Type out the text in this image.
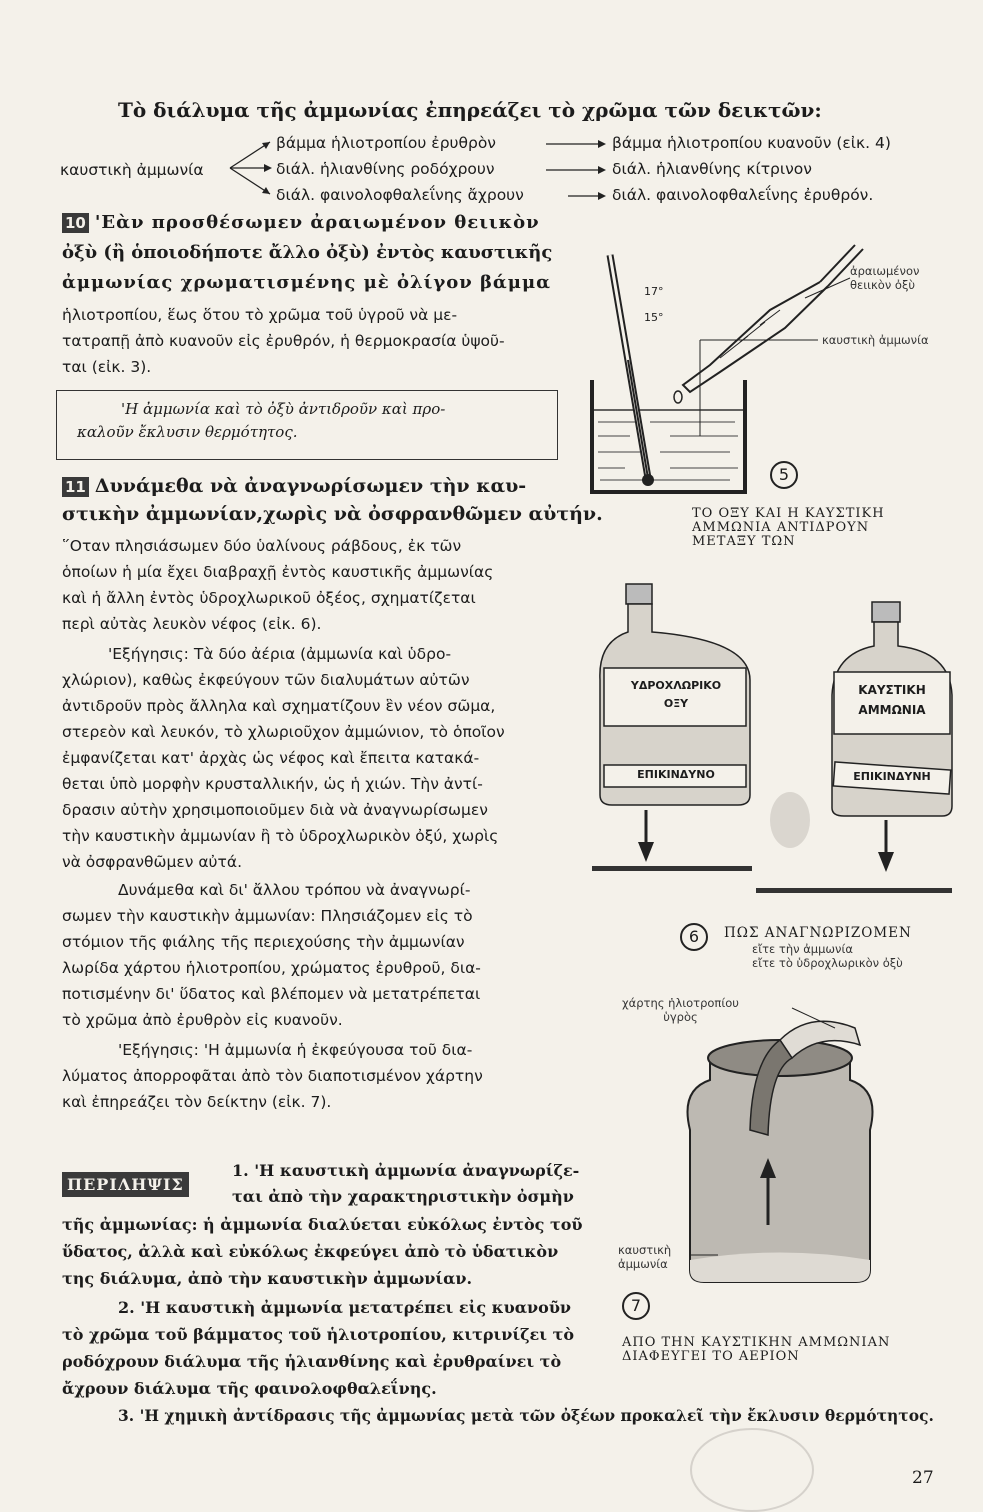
Τὸ διάλυμα τῆς ἀμμωνίας ἐπηρεάζει τὸ χρῶμα τῶν δεικτῶν:
καυστικὴ ἀμμωνία
βάμμα ἡλιοτροπίου ἐρυθρὸν
διάλ. ἡλιανθίνης ροδόχρουν
διάλ. φαινολοφθαλεΐνης ἄχρουν
βάμμα ἡλιοτροπίου κυανοῦν (εἰκ. 4)
διάλ. ἡλιανθίνης κίτρινον
διάλ. φαινολοφθαλεΐνης ἐρυθρόν.
10 'Εὰν προσθέσωμεν ἀραιωμένον θειικὸν
ὀξὺ (ἢ ὁποιοδήποτε ἄλλο ὀξὺ) ἐντὸς καυστικῆς
ἀμμωνίας χρωματισμένης μὲ ὀλίγον βάμμα
ἡλιοτροπίου, ἕως ὅτου τὸ χρῶμα τοῦ ὑγροῦ νὰ με-
τατραπῇ ἀπὸ κυανοῦν εἰς ἐρυθρόν, ἡ θερμοκρασία ὑψοῦ-
ται (εἰκ. 3).
'Η ἀμμωνία καὶ τὸ ὀξὺ ἀντιδροῦν καὶ προ-
καλοῦν ἔκλυσιν θερμότητος.
11 Δυνάμεθα νὰ ἀναγνωρίσωμεν τὴν καυ-
στικὴν ἀμμωνίαν,χωρὶς νὰ ὀσφρανθῶμεν αὐτήν.
῞Οταν πλησιάσωμεν δύο ὑαλίνους ράβδους, ἐκ τῶν
ὁποίων ἡ μία ἔχει διαβραχῇ ἐντὸς καυστικῆς ἀμμωνίας
καὶ ἡ ἄλλη ἐντὸς ὑδροχλωρικοῦ ὀξέος, σχηματίζεται
περὶ αὐτὰς λευκὸν νέφος (εἰκ. 6).
'Εξήγησις: Τὰ δύο ἀέρια (ἀμμωνία καὶ ὑδρο-
χλώριον), καθὼς ἐκφεύγουν τῶν διαλυμάτων αὐτῶν
ἀντιδροῦν πρὸς ἄλληλα καὶ σχηματίζουν ἓν νέον σῶμα,
στερεὸν καὶ λευκόν, τὸ χλωριοῦχον ἀμμώνιον, τὸ ὁποῖον
ἐμφανίζεται κατ' ἀρχὰς ὡς νέφος καὶ ἔπειτα κατακά-
θεται ὑπὸ μορφὴν κρυσταλλικήν, ὡς ἡ χιών. Τὴν ἀντί-
δρασιν αὐτὴν χρησιμοποιοῦμεν διὰ νὰ ἀναγνωρίσωμεν
τὴν καυστικὴν ἀμμωνίαν ἢ τὸ ὑδροχλωρικὸν ὀξύ, χωρὶς
νὰ ὀσφρανθῶμεν αὐτά.
Δυνάμεθα καὶ δι' ἄλλου τρόπου νὰ ἀναγνωρί-
σωμεν τὴν καυστικὴν ἀμμωνίαν: Πλησιάζομεν εἰς τὸ
στόμιον τῆς φιάλης τῆς περιεχούσης τὴν ἀμμωνίαν
λωρίδα χάρτου ἡλιοτροπίου, χρώματος ἐρυθροῦ, δια-
ποτισμένην δι' ὕδατος καὶ βλέπομεν νὰ μετατρέπεται
τὸ χρῶμα ἀπὸ ἐρυθρὸν εἰς κυανοῦν.
'Εξήγησις: 'Η ἀμμωνία ἡ ἐκφεύγουσα τοῦ δια-
λύματος ἀπορροφᾶται ἀπὸ τὸν διαποτισμένον χάρτην
καὶ ἐπηρεάζει τὸν δείκτην (εἰκ. 7).
ΠΕΡΙΛΗΨΙΣ
1. 'Η καυστικὴ ἀμμωνία ἀναγνωρίζε-
ται ἀπὸ τὴν χαρακτηριστικὴν ὀσμὴν
τῆς ἀμμωνίας: ἡ ἀμμωνία διαλύεται εὐκόλως ἐντὸς τοῦ
ὕδατος, ἀλλὰ καὶ εὐκόλως ἐκφεύγει ἀπὸ τὸ ὑδατικὸν
της διάλυμα, ἀπὸ τὴν καυστικὴν ἀμμωνίαν.
2. 'Η καυστικὴ ἀμμωνία μετατρέπει εἰς κυανοῦν
τὸ χρῶμα τοῦ βάμματος τοῦ ἡλιοτροπίου, κιτρινίζει τὸ
ροδόχρουν διάλυμα τῆς ἡλιανθίνης καὶ ἐρυθραίνει τὸ
ἄχρουν διάλυμα τῆς φαινολοφθαλεΐνης.
3. 'Η χημικὴ ἀντίδρασις τῆς ἀμμωνίας μετὰ τῶν ὀξέων προκαλεῖ τὴν ἔκλυσιν θερμότητος.
17°
15°
ἀραιωμένον
θειικὸν ὀξὺ
καυστικὴ ἀμμωνία
5
ΤΟ ΟΞΥ ΚΑΙ Η ΚΑΥΣΤΙΚΗ
ΑΜΜΩΝΙΑ ΑΝΤΙΔΡΟΥΝ
ΜΕΤΑΞΥ ΤΩΝ
ΥΔΡΟΧΛΩΡΙΚΟ
ΟΞΥ
ΕΠΙΚΙΝΔΥΝΟ
ΚΑΥΣΤΙΚΗ
ΑΜΜΩΝΙΑ
ΕΠΙΚΙΝΔΥΝΗ
6	ΠΩΣ ΑΝΑΓΝΩΡΙΖΟΜΕΝ
εἴτε τὴν ἀμμωνία
εἴτε τὸ ὑδροχλωρικὸν ὀξὺ
χάρτης ἡλιοτροπίου
ὑγρὸς
καυστικὴ
ἀμμωνία
7
ΑΠΟ ΤΗΝ ΚΑΥΣΤΙΚΗΝ ΑΜΜΩΝΙΑΝ
ΔΙΑΦΕΥΓΕΙ ΤΟ ΑΕΡΙΟΝ
27
